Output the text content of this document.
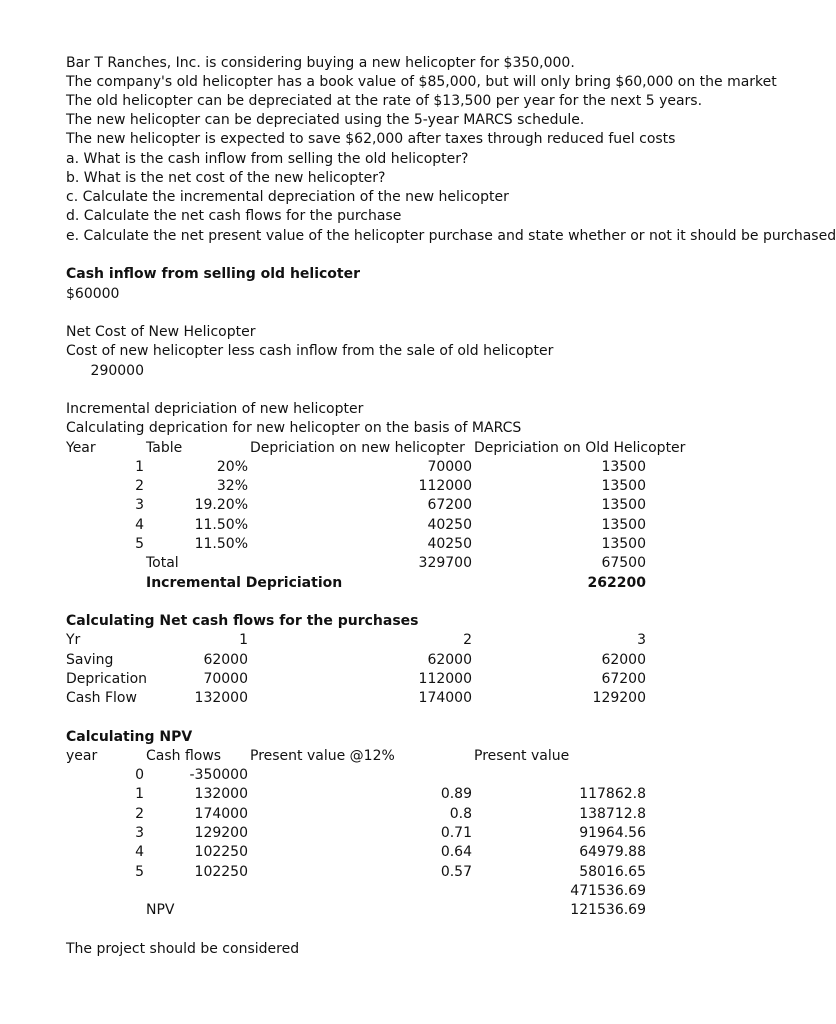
Bar T Ranches, Inc. is considering buying a new helicopter for $350,000.
The company's old helicopter has a book value of $85,000, but will only bring $60,000 on the market
The old helicopter can be depreciated at the rate of $13,500 per year for the next 5 years.
The new helicopter can be depreciated using the 5-year MARCS schedule.
The new helicopter is expected to save $62,000 after taxes through reduced fuel costs
a. What is the cash inflow from selling the old helicopter?
b. What is the net cost of the new helicopter?
c. Calculate the incremental depreciation of the new helicopter
d. Calculate the net cash flows for the purchase
e. Calculate the net present value of the helicopter purchase and state whether or not it should be purchased
Cash inflow from selling old helicoter
$60000
Net Cost of New Helicopter
Cost of new helicopter less cash inflow from the sale of old helicopter
290000
Incremental depriciation of new helicopter
Calculating deprication for new helicopter on the basis of MARCS
Year	Table	Depriciation on new helicopter Depriciation on Old Helicopter
1	20%	70000	13500
2	32%	112000	13500
3	19.20%	67200	13500
4	11.50%	40250	13500
5	11.50%	40250	13500
Total	329700	67500
Incremental Depriciation	262200
Calculating Net cash flows for the purchases
Yr	1	2	3
Saving	62000	62000	62000
Deprication	70000	112000	67200
Cash Flow	132000	174000	129200
Calculating NPV
year	Cash flows Present value @12%	Present value
0	-350000
1	132000	0.89	117862.8
2	174000	0.8	138712.8
3	129200	0.71	91964.56
4	102250	0.64	64979.88
5	102250	0.57	58016.65
471536.69
NPV	121536.69
The project should be considered
